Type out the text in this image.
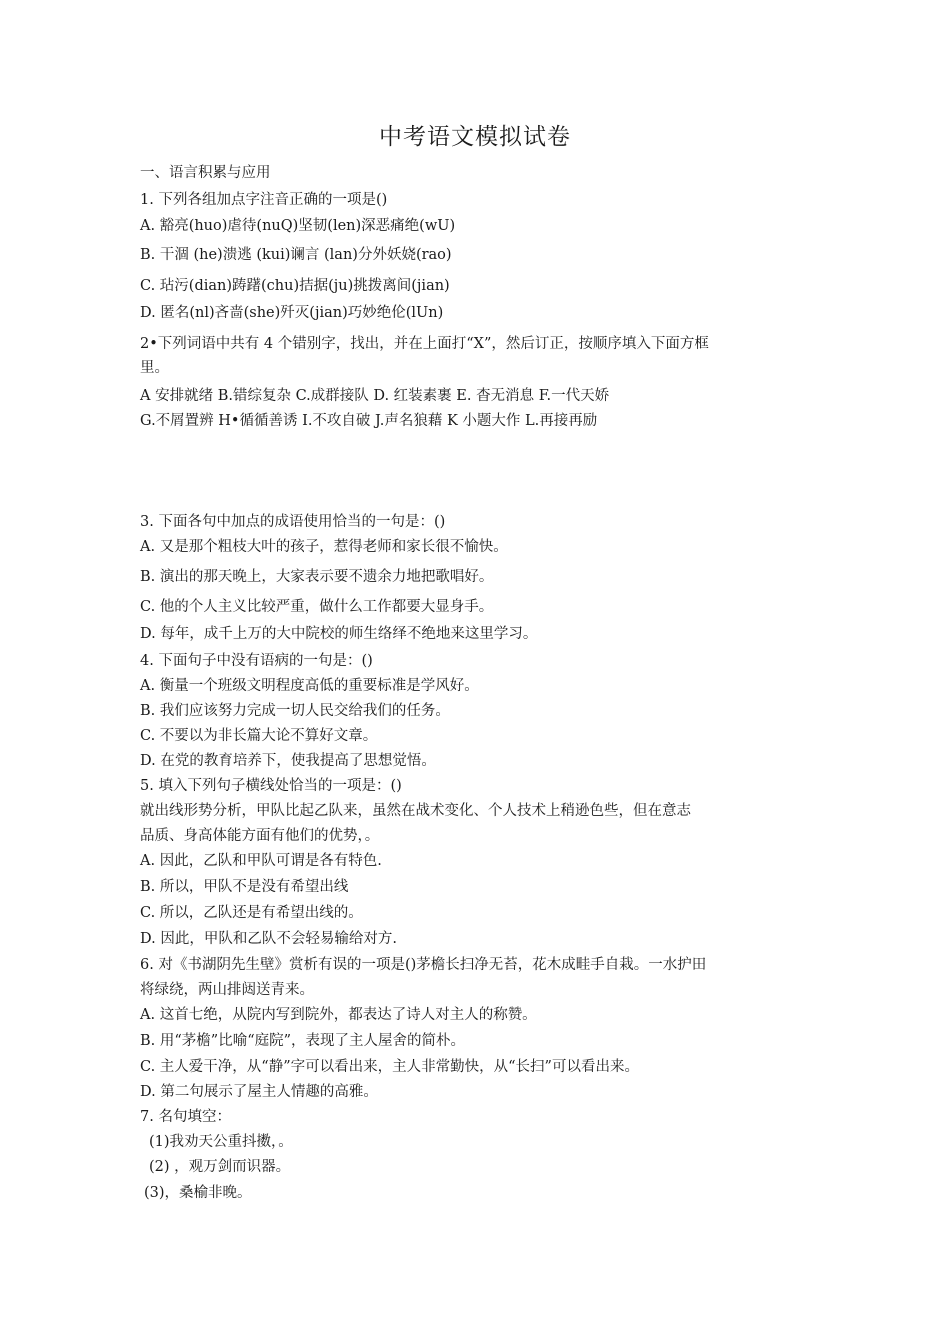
中考语文模拟试卷
一、语言积累与应用
1. 下列各组加点字注音正确的一项是()
A. 豁亮(huo)虐待(nuQ)坚韧(len)深恶痛绝(wU)
B. 干涸 (he)溃逃 (kui)谰言 (lan)分外妖娆(rao)
C. 玷污(dian)踌躇(chu)拮据(ju)挑拨离间(jian)
D. 匿名(nl)吝啬(she)歼灭(jian)巧妙绝伦(lUn)
2•下列词语中共有 4 个错别字，找出，并在上面打“X”，然后订正，按顺序填入下面方框
里。
A 安排就绪 B.错综复杂 C.成群接队 D. 红装素裹 E. 杳无消息 F.一代天娇
G.不屑置辨 H•循循善诱 I.不攻自破 J.声名狼藉 K 小题大作 L.再接再励
3. 下面各句中加点的成语使用恰当的一句是：()
A. 又是那个粗枝大叶的孩子，惹得老师和家长很不愉快。
B. 演出的那天晚上，大家表示要不遗余力地把歌唱好。
C. 他的个人主义比较严重，做什么工作都要大显身手。
D. 每年，成千上万的大中院校的师生络绎不绝地来这里学习。
4. 下面句子中没有语病的一句是：()
A. 衡量一个班级文明程度高低的重要标准是学风好。
B. 我们应该努力完成一切人民交给我们的任务。
C. 不要以为非长篇大论不算好文章。
D. 在党的教育培养下，使我提高了思想觉悟。
5. 填入下列句子横线处恰当的一项是：()
就出线形势分析，甲队比起乙队来，虽然在战术变化、个人技术上稍逊色些，但在意志
品质、身高体能方面有他们的优势，。
A. 因此，乙队和甲队可谓是各有特色.
B. 所以，甲队不是没有希望出线
C. 所以，乙队还是有希望出线的。
D. 因此，甲队和乙队不会轻易输给对方.
6. 对《书湖阴先生壁》赏析有误的一项是()茅檐长扫净无苔，花木成畦手自栽。一水护田
将绿绕，两山排闼送青来。
A. 这首七绝，从院内写到院外，都表达了诗人对主人的称赞。
B. 用“茅檐”比喻“庭院”，表现了主人屋舍的简朴。
C. 主人爱干净，从“静”字可以看出来，主人非常勤快，从“长扫”可以看出来。
D. 第二句展示了屋主人情趣的高雅。
7. 名句填空：
(1)我劝天公重抖擞，。
(2) ，观万剑而识器。
(3)，桑榆非晚。
